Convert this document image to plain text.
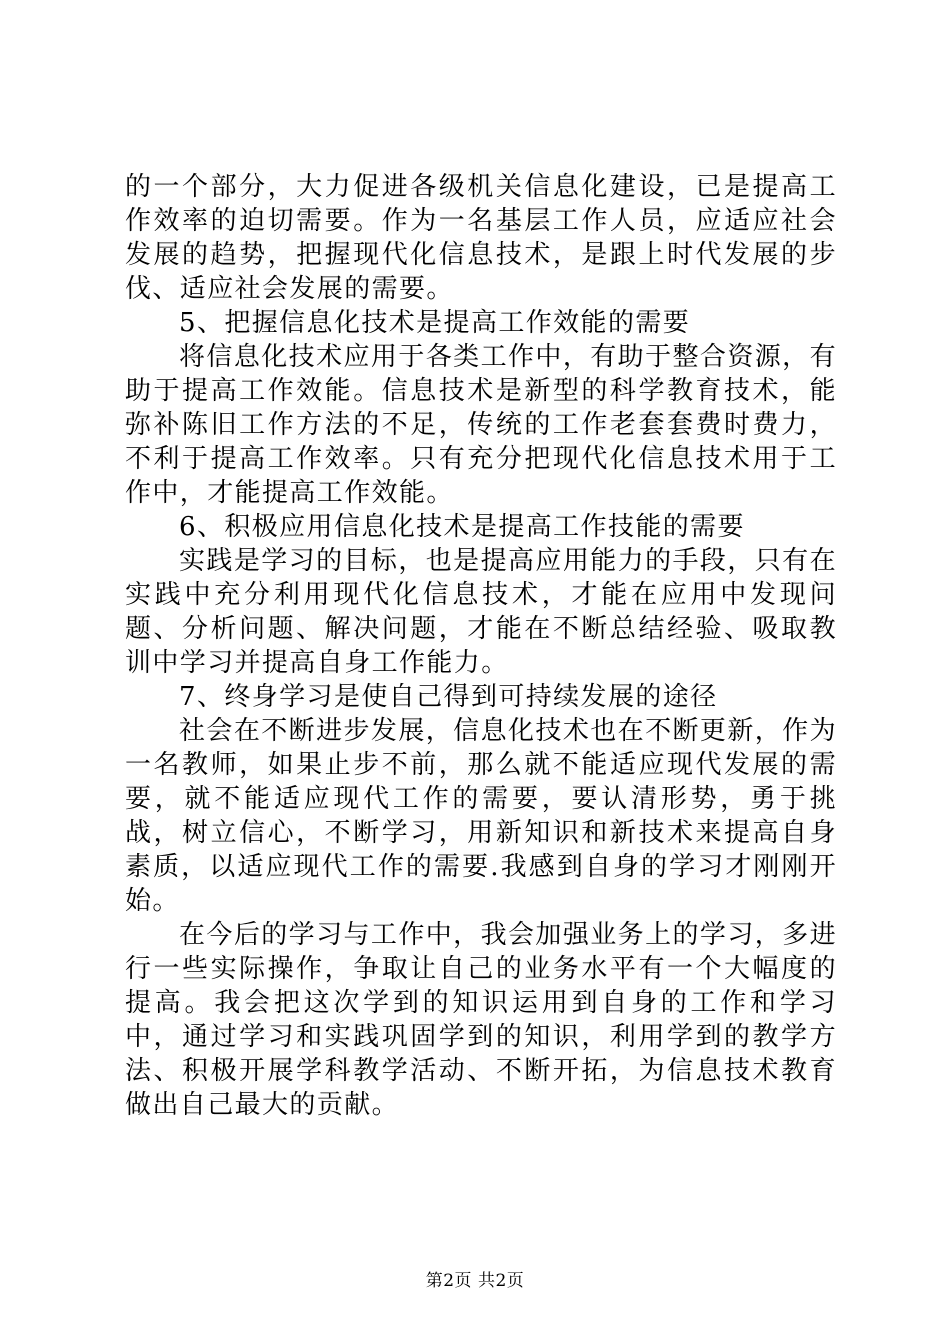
的一个部分，大力促进各级机关信息化建设，已是提高工作效率的迫切需要。作为一名基层工作人员，应适应社会发展的趋势，把握现代化信息技术，是跟上时代发展的步伐、适应社会发展的需要。

5、把握信息化技术是提高工作效能的需要

将信息化技术应用于各类工作中，有助于整合资源，有助于提高工作效能。信息技术是新型的科学教育技术，能弥补陈旧工作方法的不足，传统的工作老套套费时费力，不利于提高工作效率。只有充分把现代化信息技术用于工作中，才能提高工作效能。

6、积极应用信息化技术是提高工作技能的需要

实践是学习的目标，也是提高应用能力的手段，只有在实践中充分利用现代化信息技术，才能在应用中发现问题、分析问题、解决问题，才能在不断总结经验、吸取教训中学习并提高自身工作能力。

7、终身学习是使自己得到可持续发展的途径

社会在不断进步发展，信息化技术也在不断更新，作为一名教师，如果止步不前，那么就不能适应现代发展的需要，就不能适应现代工作的需要，要认清形势，勇于挑战，树立信心，不断学习，用新知识和新技术来提高自身素质，以适应现代工作的需要.我感到自身的学习才刚刚开始。

在今后的学习与工作中，我会加强业务上的学习，多进行一些实际操作，争取让自己的业务水平有一个大幅度的提高。我会把这次学到的知识运用到自身的工作和学习中，通过学习和实践巩固学到的知识，利用学到的教学方法、积极开展学科教学活动、不断开拓，为信息技术教育做出自己最大的贡献。

第2页 共2页
